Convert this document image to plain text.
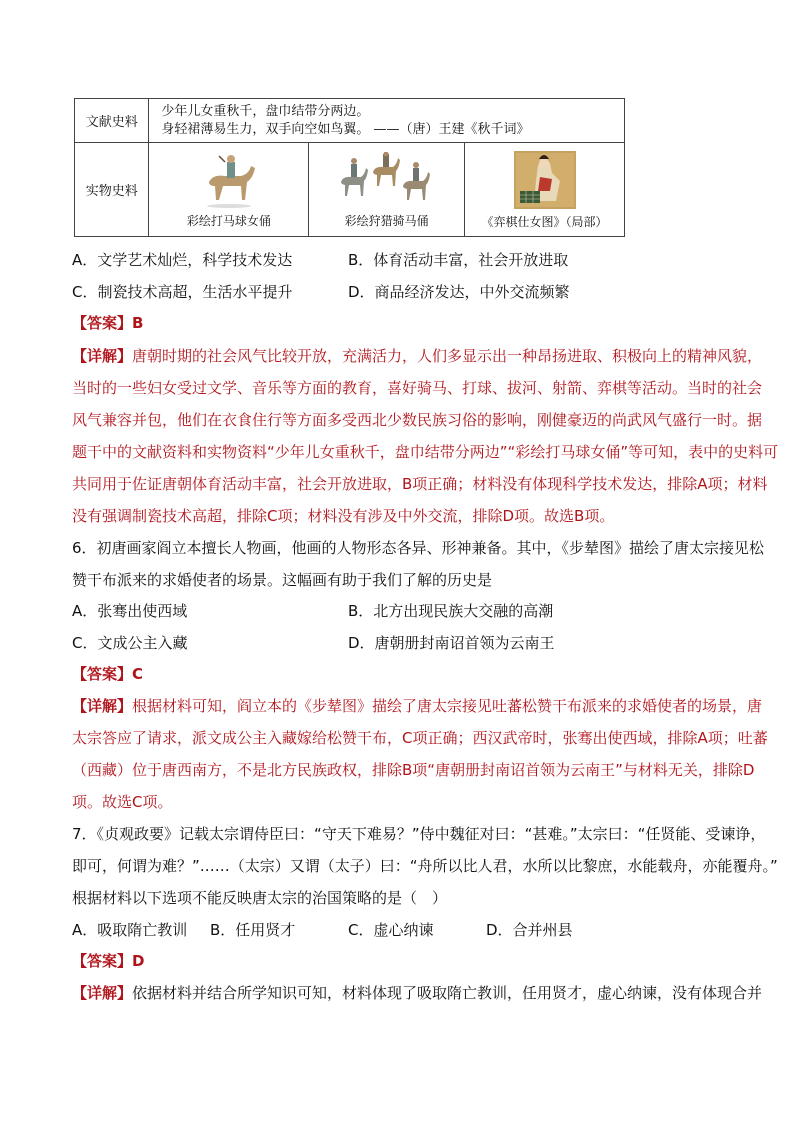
文献史料	少年儿女重秋千，盘巾结带分两边。
身轻裙薄易生力，双手向空如鸟翼。 ——（唐）王建《秋千词》		

实物史料	彩绘打马球女俑	彩绘狩猎骑马俑	《弈棋仕女图》（局部）
A．文学艺术灿烂，科学技术发达	B．体育活动丰富，社会开放进取
C．制瓷技术高超，生活水平提升	D．商品经济发达，中外交流频繁
【答案】B
【详解】唐朝时期的社会风气比较开放，充满活力，人们多显示出一种昂扬进取、积极向上的精神风貌，
当时的一些妇女受过文学、音乐等方面的教育，喜好骑马、打球、拔河、射箭、弈棋等活动。当时的社会
风气兼容并包，他们在衣食住行等方面多受西北少数民族习俗的影响，刚健豪迈的尚武风气盛行一时。据
题干中的文献资料和实物资料“少年儿女重秋千，盘巾结带分两边”“彩绘打马球女俑”等可知，表中的史料可
共同用于佐证唐朝体育活动丰富，社会开放进取，B项正确；材料没有体现科学技术发达，排除A项；材料
没有强调制瓷技术高超，排除C项；材料没有涉及中外交流，排除D项。故选B项。
6．初唐画家阎立本擅长人物画，他画的人物形态各异、形神兼备。其中，《步辇图》描绘了唐太宗接见松
赞干布派来的求婚使者的场景。这幅画有助于我们了解的历史是
A．张骞出使西域	B．北方出现民族大交融的高潮
C．文成公主入藏	D．唐朝册封南诏首领为云南王
【答案】C
【详解】根据材料可知，阎立本的《步辇图》描绘了唐太宗接见吐蕃松赞干布派来的求婚使者的场景，唐
太宗答应了请求，派文成公主入藏嫁给松赞干布，C项正确；西汉武帝时，张骞出使西域，排除A项；吐蕃
（西藏）位于唐西南方，不是北方民族政权，排除B项“唐朝册封南诏首领为云南王”与材料无关，排除D
项。故选C项。
7．《贞观政要》记载太宗谓侍臣曰：“守天下难易？”侍中魏征对曰：“甚难。”太宗曰：“任贤能、受谏诤，
即可，何谓为难？”……（太宗）又谓（太子）曰：“舟所以比人君，水所以比黎庶，水能载舟，亦能覆舟。”
根据材料以下选项不能反映唐太宗的治国策略的是（　）
A．吸取隋亡教训 B．任用贤才	C．虚心纳谏	D．合并州县
【答案】D
【详解】依据材料并结合所学知识可知，材料体现了吸取隋亡教训，任用贤才，虚心纳谏，没有体现合并
